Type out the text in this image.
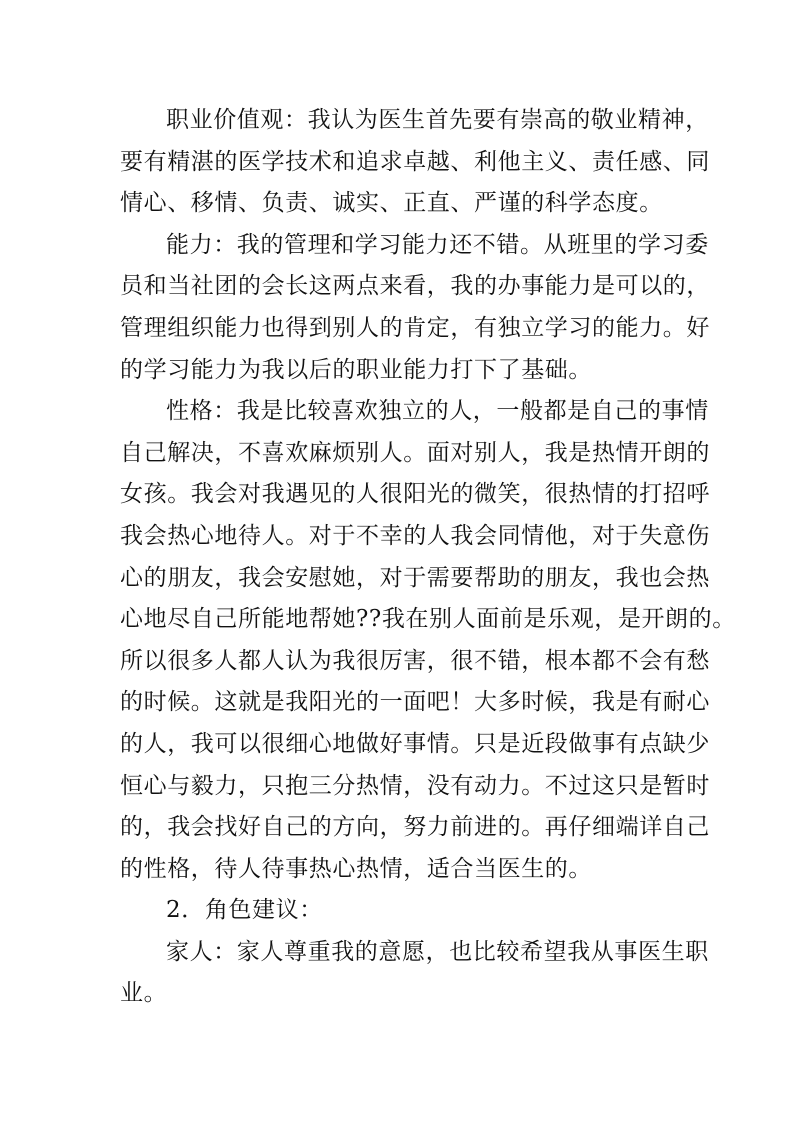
职业价值观：我认为医生首先要有崇高的敬业精神，
要有精湛的医学技术和追求卓越、利他主义、责任感、同
情心、移情、负责、诚实、正直、严谨的科学态度。
能力：我的管理和学习能力还不错。从班里的学习委
员和当社团的会长这两点来看，我的办事能力是可以的，
管理组织能力也得到别人的肯定，有独立学习的能力。好
的学习能力为我以后的职业能力打下了基础。
性格：我是比较喜欢独立的人，一般都是自己的事情
自己解决，不喜欢麻烦别人。面对别人，我是热情开朗的
女孩。我会对我遇见的人很阳光的微笑，很热情的打招呼
我会热心地待人。对于不幸的人我会同情他，对于失意伤
心的朋友，我会安慰她，对于需要帮助的朋友，我也会热
心地尽自己所能地帮她??我在别人面前是乐观，是开朗的。
所以很多人都人认为我很厉害，很不错，根本都不会有愁
的时候。这就是我阳光的一面吧！大多时候，我是有耐心
的人，我可以很细心地做好事情。只是近段做事有点缺少
恒心与毅力，只抱三分热情，没有动力。不过这只是暂时
的，我会找好自己的方向，努力前进的。再仔细端详自己
的性格，待人待事热心热情，适合当医生的。
2．角色建议：
家人：家人尊重我的意愿，也比较希望我从事医生职
业。
